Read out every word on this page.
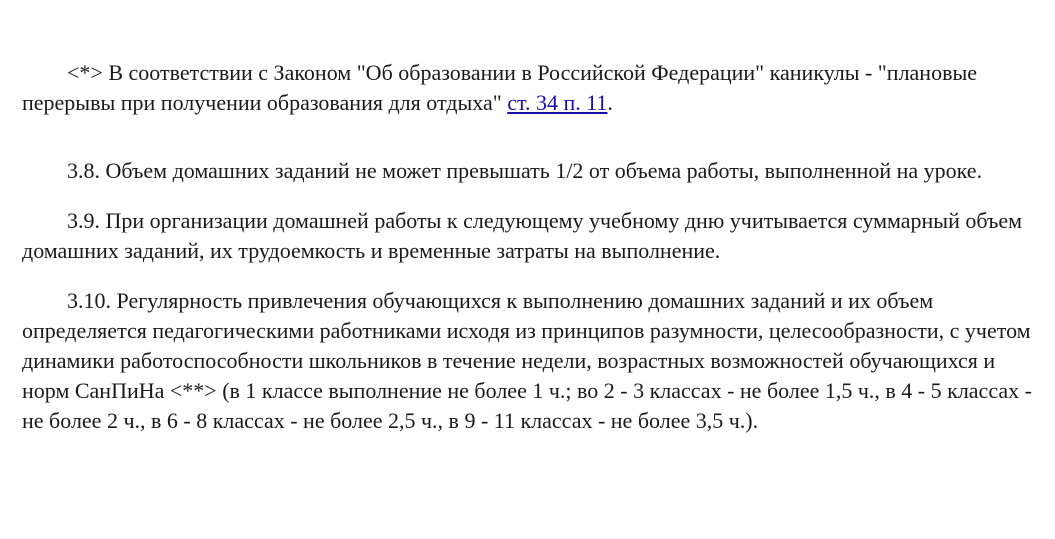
<*> В соответствии с Законом "Об образовании в Российской Федерации" каникулы - "плановые перерывы при получении образования для отдыха" ст. 34 п. 11.

3.8. Объем домашних заданий не может превышать 1/2 от объема работы, выполненной на уроке.

3.9. При организации домашней работы к следующему учебному дню учитывается суммарный объем домашних заданий, их трудоемкость и временные затраты на выполнение.

3.10. Регулярность привлечения обучающихся к выполнению домашних заданий и их объем определяется педагогическими работниками исходя из принципов разумности, целесообразности, с учетом динамики работоспособности школьников в течение недели, возрастных возможностей обучающихся и норм СанПиНа <**> (в 1 классе выполнение не более 1 ч.; во 2 - 3 классах - не более 1,5 ч., в 4 - 5 классах - не более 2 ч., в 6 - 8 классах - не более 2,5 ч., в 9 - 11 классах - не более 3,5 ч.).
